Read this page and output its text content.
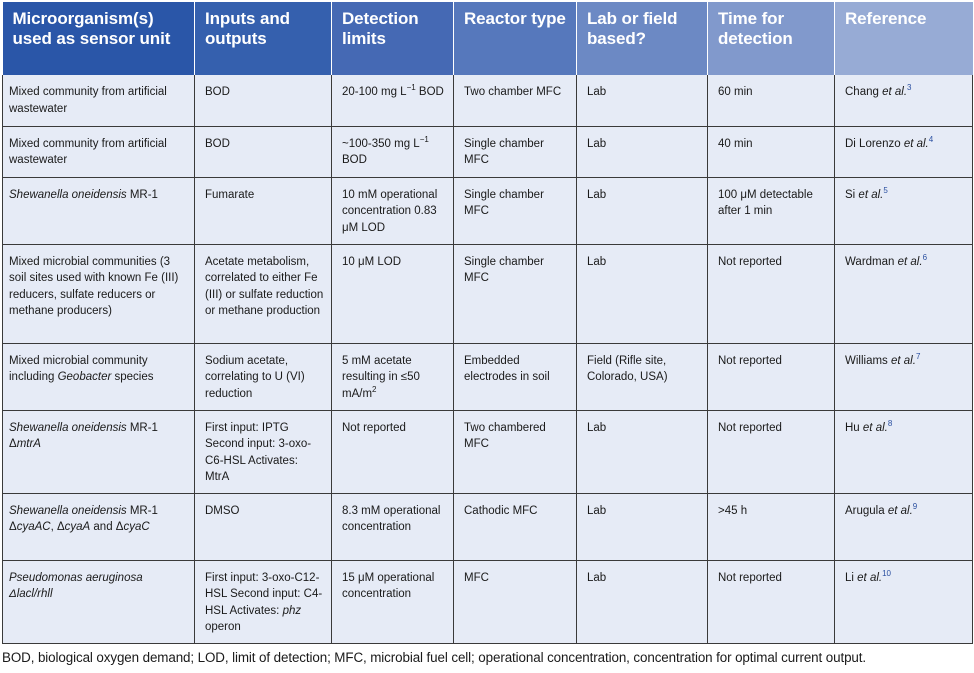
Microorganism(s) used as sensor unit	Inputs and outputs	Detection limits	Reactor type	Lab or field based?	Time for detection	Reference
Mixed community from artificial wastewater	BOD	20-100 mg $L^{-1}$ BOD	Two chamber MFC	Lab	60 min	Chang et al.$^3$
Mixed community from artificial wastewater	BOD	~100-350 mg $L^{-1}$ BOD	Single chamber MFC	Lab	40 min	Di Lorenzo et al.$^4$
Shewanella oneidensis MR-1	Fumarate	10 mM operational concentration 0.83 μM LOD	Single chamber MFC	Lab	100 μM detectable after 1 min	Si et al.$^5$
Mixed microbial communities (3 soil sites used with known Fe (III) reducers, sulfate reducers or methane producers)	Acetate metabolism, correlated to either Fe (III) or sulfate reduction or methane production	10 μM LOD	Single chamber MFC	Lab	Not reported	Wardman et al.$^6$
Mixed microbial community including Geobacter species	Sodium acetate, correlating to U (VI) reduction	5 mM acetate resulting in ≤50 $mA/m^2$	Embedded electrodes in soil	Field (Rifle site, Colorado, USA)	Not reported	Williams et al.$^7$
Shewanella oneidensis MR-1 ΔmtrA	First input: IPTG Second input: 3-oxo-C6-HSL Activates: MtrA	Not reported	Two chambered MFC	Lab	Not reported	Hu et al.$^8$
Shewanella oneidensis MR-1 ΔcyaAC, ΔcyaA and ΔcyaC	DMSO	8.3 mM operational concentration	Cathodic MFC	Lab	>45 h	Arugula et al.$^9$
Pseudomonas aeruginosa Δlacl/rhll	First input: 3-oxo-C12-HSL Second input: C4-HSL Activates: phz operon	15 μM operational concentration	MFC	Lab	Not reported	Li et al.$^{10}$
BOD, biological oxygen demand; LOD, limit of detection; MFC, microbial fuel cell; operational concentration, concentration for optimal current output.
